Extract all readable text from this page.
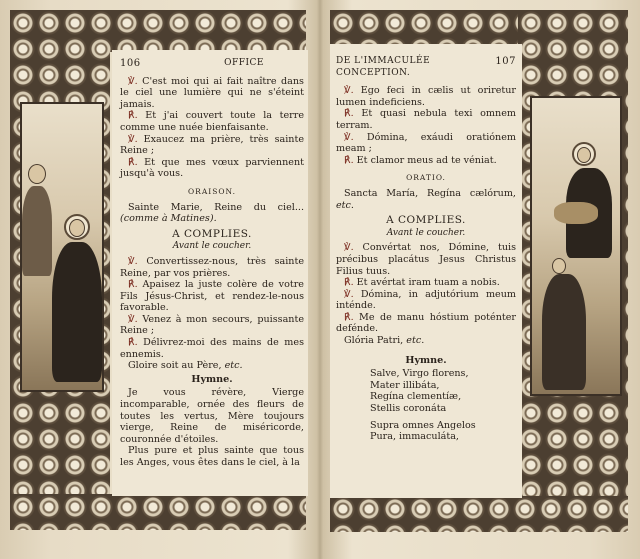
106	OFFICE
℣. C'est moi qui ai fait naître dans le ciel une lumière qui ne s'éteint jamais.
℟. Et j'ai couvert toute la terre comme une nuée bienfaisante.
℣. Exaucez ma prière, très sainte Reine ;
℟. Et que mes vœux parviennent jusqu'à vous.
ORAISON.
Sainte Marie, Reine du ciel... (comme à Matines).
A COMPLIES.
Avant le coucher.
℣. Convertissez-nous, très sainte Reine, par vos prières.
℟. Apaisez la juste colère de votre Fils Jésus-Christ, et rendez-le-nous favorable.
℣. Venez à mon secours, puissante Reine ;
℟. Délivrez-moi des mains de mes ennemis.
Gloire soit au Père, etc.
Hymne.
Je vous révère, Vierge incomparable, ornée des fleurs de toutes les vertus, Mère toujours vierge, Reine de miséricorde, couronnée d'étoiles.
Plus pure et plus sainte que tous les Anges, vous êtes dans le ciel, à la
DE L'IMMACULÉE CONCEPTION.
107
℣. Ego feci in cælis ut oriretur lumen indeficiens.
℟. Et quasi nebula texi omnem terram.
℣. Dómina, exáudi oratiónem meam ;
℟. Et clamor meus ad te véniat.
ORATIO.
Sancta María, Regína cælórum, etc.
A COMPLIES.
Avant le coucher.
℣. Convértat nos, Dómine, tuis précibus placátus Jesus Christus Filius tuus.
℟. Et avértat iram tuam a nobis.
℣. Dómina, in adjutórium meum inténde.
℟. Me de manu hóstium poténter defénde.
Glória Patri, etc.
Hymne.
Salve, Virgo florens,
Mater illibáta,
Regína clementíæ,
Stellis coronáta
Supra omnes Angelos
Pura, immaculáta,
